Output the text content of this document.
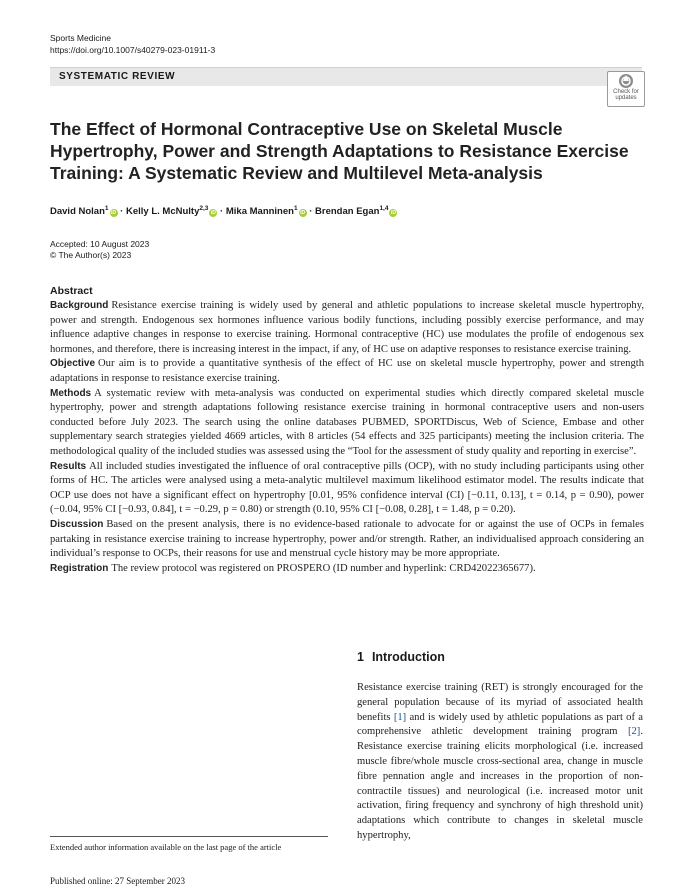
Sports Medicine
https://doi.org/10.1007/s40279-023-01911-3
SYSTEMATIC REVIEW
Check for
updates
The Effect of Hormonal Contraceptive Use on Skeletal Muscle Hypertrophy, Power and Strength Adaptations to Resistance Exercise Training: A Systematic Review and Multilevel Meta-analysis
David Nolan$^1$iD · Kelly L. McNulty$^{2,3}$iD · Mika Manninen$^1$iD · Brendan Egan$^{1,4}$iD
Accepted: 10 August 2023
© The Author(s) 2023
Abstract

Background Resistance exercise training is widely used by general and athletic populations to increase skeletal muscle hypertrophy, power and strength. Endogenous sex hormones influence various bodily functions, including possibly exercise performance, and may influence adaptive changes in response to exercise training. Hormonal contraceptive (HC) use modulates the profile of endogenous sex hormones, and therefore, there is increasing interest in the impact, if any, of HC use on adaptive responses to resistance exercise training.

Objective Our aim is to provide a quantitative synthesis of the effect of HC use on skeletal muscle hypertrophy, power and strength adaptations in response to resistance exercise training.

Methods A systematic review with meta-analysis was conducted on experimental studies which directly compared skeletal muscle hypertrophy, power and strength adaptations following resistance exercise training in hormonal contraceptive users and non-users conducted before July 2023. The search using the online databases PUBMED, SPORTDiscus, Web of Science, Embase and other supplementary search strategies yielded 4669 articles, with 8 articles (54 effects and 325 participants) meeting the inclusion criteria. The methodological quality of the included studies was assessed using the “Tool for the assessment of study quality and reporting in exercise”.

Results All included studies investigated the influence of oral contraceptive pills (OCP), with no study including participants using other forms of HC. The articles were analysed using a meta-analytic multilevel maximum likelihood estimator model. The results indicate that OCP use does not have a significant effect on hypertrophy [0.01, 95% confidence interval (CI) [−0.11, 0.13], t = 0.14, p = 0.90), power (−0.04, 95% CI [−0.93, 0.84], t = −0.29, p = 0.80) or strength (0.10, 95% CI [−0.08, 0.28], t = 1.48, p = 0.20).

Discussion Based on the present analysis, there is no evidence-based rationale to advocate for or against the use of OCPs in females partaking in resistance exercise training to increase hypertrophy, power and/or strength. Rather, an individualised approach considering an individual’s response to OCPs, their reasons for use and menstrual cycle history may be more appropriate.

Registration The review protocol was registered on PROSPERO (ID number and hyperlink: CRD42022365677).

1 Introduction
Resistance exercise training (RET) is strongly encouraged for the general population because of its myriad of associated health benefits [1] and is widely used by athletic populations as part of a comprehensive athletic development training program [2]. Resistance exercise training elicits morphological (i.e. increased muscle fibre/whole muscle cross-sectional area, change in muscle fibre pennation angle and increases in the proportion of non-contractile tissues) and neurological (i.e. increased motor unit activation, firing frequency and synchrony of high threshold unit) adaptations which contribute to changes in skeletal muscle hypertrophy,
Extended author information available on the last page of the article
Published online: 27 September 2023
